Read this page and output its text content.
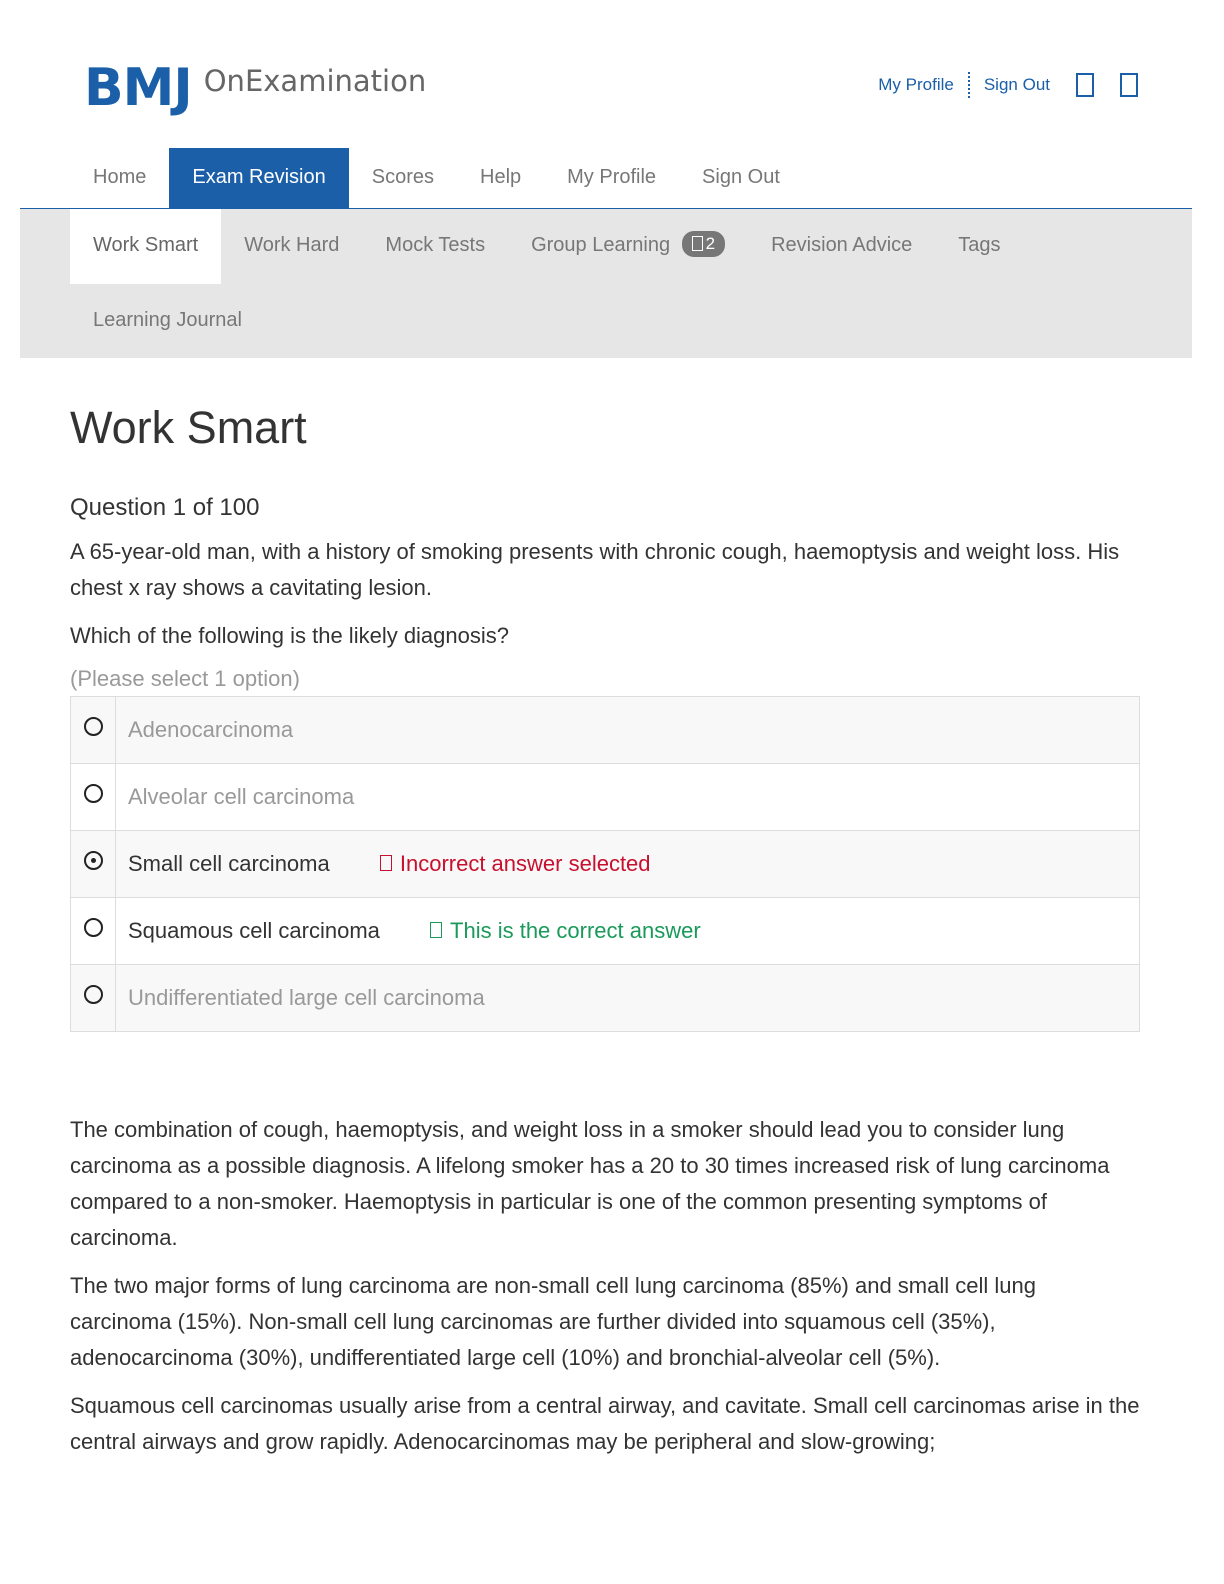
BMJ OnExamination	My Profile Sign Out
Home	Exam Revision	Scores	Help	My Profile	Sign Out
Work Smart	Work Hard	Mock Tests	Group Learning 2	Revision Advice	Tags
Learning Journal
Work Smart
Question 1 of 100

A 65-year-old man, with a history of smoking presents with chronic cough, haemoptysis and weight loss. His chest x ray shows a cavitating lesion.

Which of the following is the likely diagnosis?

(Please select 1 option)
	Adenocarcinoma
	Alveolar cell carcinoma
	Small cell carcinoma Incorrect answer selected
	Squamous cell carcinoma This is the correct answer
	Undifferentiated large cell carcinoma

The combination of cough, haemoptysis, and weight loss in a smoker should lead you to consider lung carcinoma as a possible diagnosis. A lifelong smoker has a 20 to 30 times increased risk of lung carcinoma compared to a non-smoker. Haemoptysis in particular is one of the common presenting symptoms of carcinoma.

The two major forms of lung carcinoma are non-small cell lung carcinoma (85%) and small cell lung carcinoma (15%). Non-small cell lung carcinomas are further divided into squamous cell (35%), adenocarcinoma (30%), undifferentiated large cell (10%) and bronchial-alveolar cell (5%).

Squamous cell carcinomas usually arise from a central airway, and cavitate. Small cell carcinomas arise in the central airways and grow rapidly. Adenocarcinomas may be peripheral and slow-growing;
